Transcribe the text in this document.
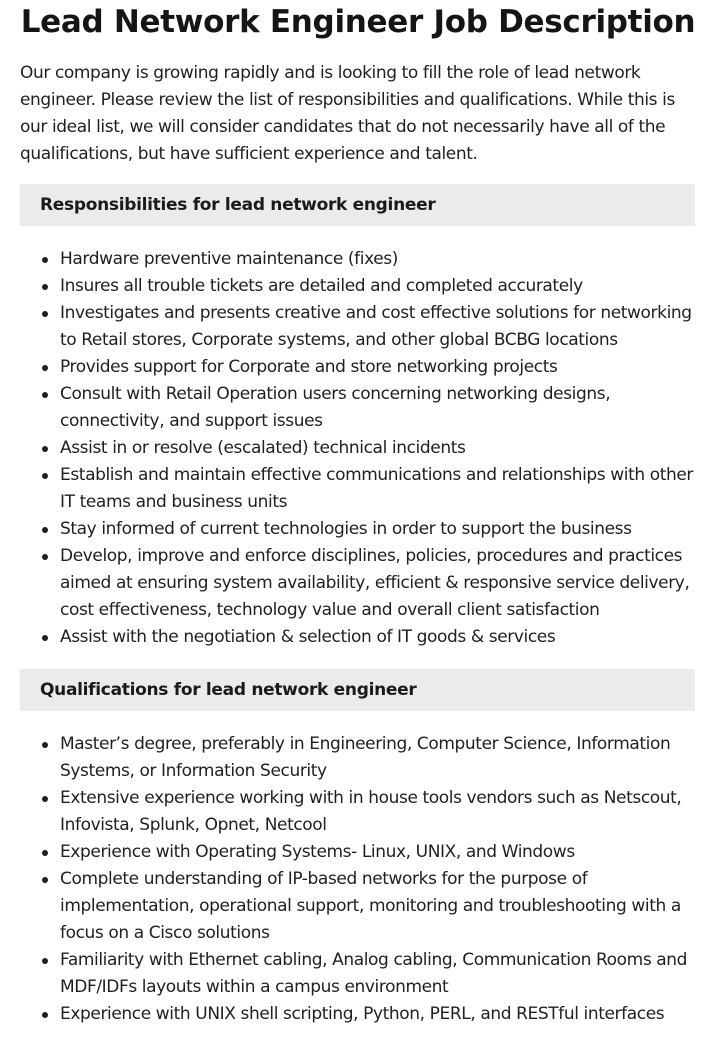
Lead Network Engineer Job Description

Our company is growing rapidly and is looking to fill the role of lead network engineer. Please review the list of responsibilities and qualifications. While this is our ideal list, we will consider candidates that do not necessarily have all of the qualifications, but have sufficient experience and talent.

Responsibilities for lead network engineer
Hardware preventive maintenance (fixes)
Insures all trouble tickets are detailed and completed accurately
Investigates and presents creative and cost effective solutions for networking to Retail stores, Corporate systems, and other global BCBG locations
Provides support for Corporate and store networking projects
Consult with Retail Operation users concerning networking designs, connectivity, and support issues
Assist in or resolve (escalated) technical incidents
Establish and maintain effective communications and relationships with other IT teams and business units
Stay informed of current technologies in order to support the business
Develop, improve and enforce disciplines, policies, procedures and practices aimed at ensuring system availability, efficient & responsive service delivery, cost effectiveness, technology value and overall client satisfaction
Assist with the negotiation & selection of IT goods & services
Qualifications for lead network engineer
Master’s degree, preferably in Engineering, Computer Science, Information Systems, or Information Security
Extensive experience working with in house tools vendors such as Netscout, Infovista, Splunk, Opnet, Netcool
Experience with Operating Systems- Linux, UNIX, and Windows
Complete understanding of IP-based networks for the purpose of implementation, operational support, monitoring and troubleshooting with a focus on a Cisco solutions
Familiarity with Ethernet cabling, Analog cabling, Communication Rooms and MDF/IDFs layouts within a campus environment
Experience with UNIX shell scripting, Python, PERL, and RESTful interfaces
